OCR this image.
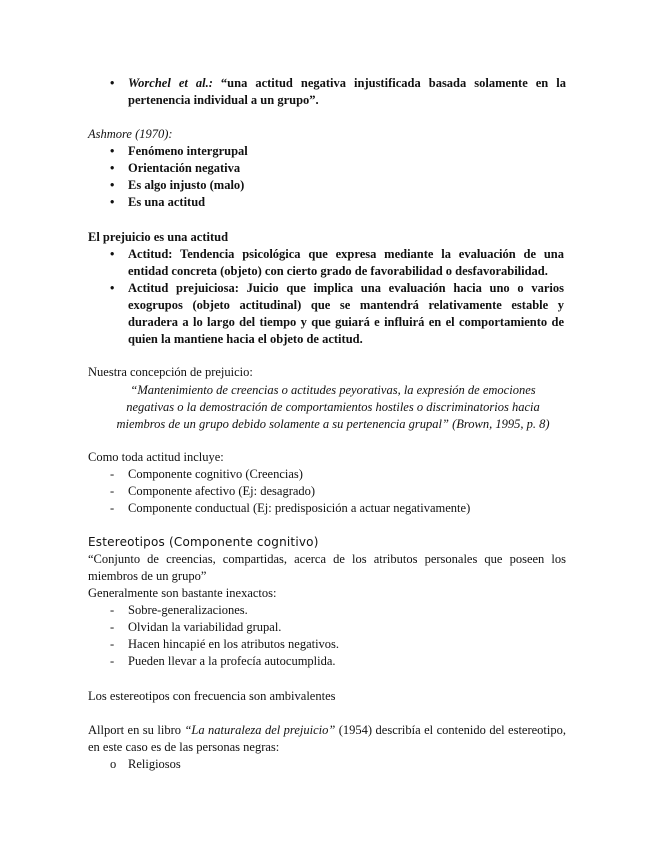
• Worchel et al.: “una actitud negativa injustificada basada solamente en la pertenencia individual a un grupo”.

Ashmore (1970):

• Fenómeno intergrupal
• Orientación negativa
• Es algo injusto (malo)
• Es una actitud

El prejuicio es una actitud

• Actitud: Tendencia psicológica que expresa mediante la evaluación de una entidad concreta (objeto) con cierto grado de favorabilidad o desfavorabilidad.
• Actitud prejuiciosa: Juicio que implica una evaluación hacia uno o varios exogrupos (objeto actitudinal) que se mantendrá relativamente estable y duradera a lo largo del tiempo y que guiará e influirá en el comportamiento de quien la mantiene hacia el objeto de actitud.

Nuestra concepción de prejuicio:

“Mantenimiento de creencias o actitudes peyorativas, la expresión de emociones negativas o la demostración de comportamientos hostiles o discriminatorios hacia miembros de un grupo debido solamente a su pertenencia grupal” (Brown, 1995, p. 8)

Como toda actitud incluye:

- Componente cognitivo (Creencias)
- Componente afectivo (Ej: desagrado)
- Componente conductual (Ej: predisposición a actuar negativamente)

Estereotipos (Componente cognitivo)

“Conjunto de creencias, compartidas, acerca de los atributos personales que poseen los miembros de un grupo”

Generalmente son bastante inexactos:

- Sobre-generalizaciones.
- Olvidan la variabilidad grupal.
- Hacen hincapié en los atributos negativos.
- Pueden llevar a la profecía autocumplida.

Los estereotipos con frecuencia son ambivalentes

Allport en su libro “La naturaleza del prejuicio” (1954) describía el contenido del estereotipo, en este caso es de las personas negras:

o Religiosos
